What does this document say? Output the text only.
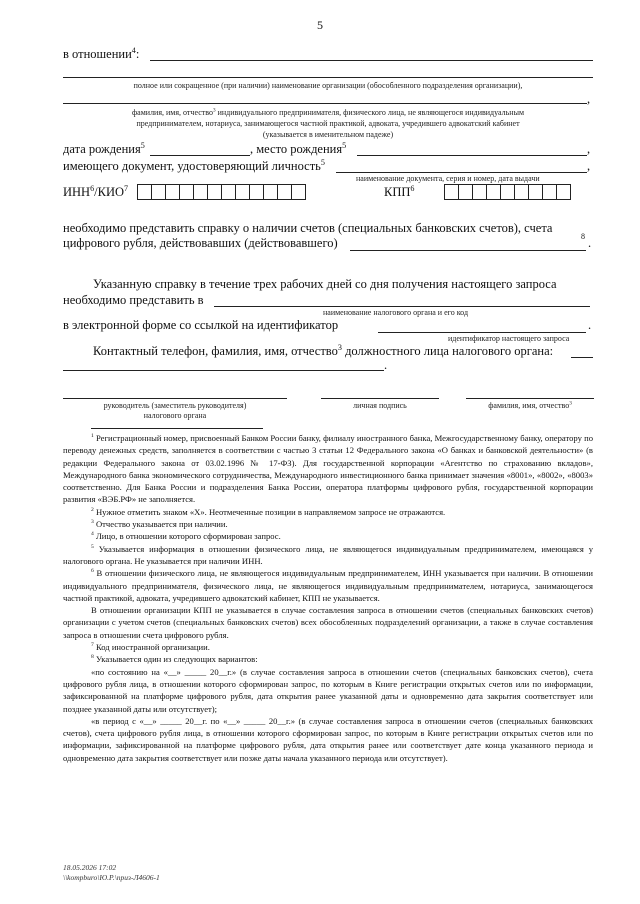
5
в отношении$^4$:
полное или сокращенное (при наличии) наименование организации (обособленного подразделения организации),
,
фамилия, имя, отчество$^3$ индивидуального предпринимателя, физического лица, не являющегося индивидуальным
предпринимателем, нотариуса, занимающегося частной практикой, адвоката, учредившего адвокатский кабинет
(указывается в именительном падеже)
дата рождения$^5$	, место рождения$^5$	,
имеющего документ, удостоверяющий личность$^5$	,
наименование документа, серия и номер, дата выдачи
ИНН$^6$/КИО$^7$	КПП$^6$
необходимо представить справку о наличии счетов (специальных банковских счетов), счета
цифрового рубля, действовавших (действовавшего)	8 .
Указанную справку в течение трех рабочих дней со дня получения настоящего запроса
необходимо представить в
наименование налогового органа и его код
в электронной форме со ссылкой на идентификатор	.
идентификатор настоящего запроса
Контактный телефон, фамилия, имя, отчество$^3$ должностного лица налогового органа:
.
руководитель (заместитель руководителя)
налогового органа
личная подпись	фамилия, имя, отчество$^3$

$^1$ Регистрационный номер, присвоенный Банком России банку, филиалу иностранного банка, Межгосударственному банку, оператору по переводу денежных средств, заполняется в соответствии с частью 3 статьи 12 Федерального закона «О банках и банковской деятельности» (в редакции Федерального закона от 03.02.1996 № 17-ФЗ). Для государственной корпорации «Агентство по страхованию вкладов», Международного банка экономического сотрудничества, Международного инвестиционного банка принимает значения «8001», «8002», «8003» соответственно. Для Банка России и подразделения Банка России, оператора платформы цифрового рубля, государственной корпорации развития «ВЭБ.РФ» не заполняется.

$^2$ Нужное отметить знаком «Х». Неотмеченные позиции в направляемом запросе не отражаются.

$^3$ Отчество указывается при наличии.

$^4$ Лицо, в отношении которого сформирован запрос.

$^5$ Указывается информация в отношении физического лица, не являющегося индивидуальным предпринимателем, имеющаяся у налогового органа. Не указывается при наличии ИНН.

$^6$ В отношении физического лица, не являющегося индивидуальным предпринимателем, ИНН указывается при наличии. В отношении индивидуального предпринимателя, физического лица, не являющегося индивидуальным предпринимателем, нотариуса, занимающегося частной практикой, адвоката, учредившего адвокатский кабинет, КПП не указывается.

В отношении организации КПП не указывается в случае составления запроса в отношении счетов (специальных банковских счетов) организации с учетом счетов (специальных банковских счетов) всех обособленных подразделений организации, а также в случае составления запроса в отношении счета цифрового рубля.

$^7$ Код иностранной организации.

$^8$ Указывается один из следующих вариантов:

«по состоянию на «__» _____ 20__г.» (в случае составления запроса в отношении счетов (специальных банковских счетов), счета цифрового рубля лица, в отношении которого сформирован запрос, по которым в Книге регистрации открытых счетов или по информации, зафиксированной на платформе цифрового рубля, дата открытия ранее указанной даты и одновременно дата закрытия соответствует или позднее указанной даты или отсутствует);

«в период с «__» _____ 20__г. по «__» _____ 20__г.» (в случае составления запроса в отношении счетов (специальных банковских счетов), счета цифрового рубля лица, в отношении которого сформирован запрос, по которым в Книге регистрации открытых счетов или по информации, зафиксированной на платформе цифрового рубля, дата открытия ранее или соответствует дате конца указанного периода и одновременно дата закрытия соответствует или позже даты начала указанного периода или отсутствует).

18.05.2026 17:02
\\kompburo\Ю.Р.\приз-Л4606-1
